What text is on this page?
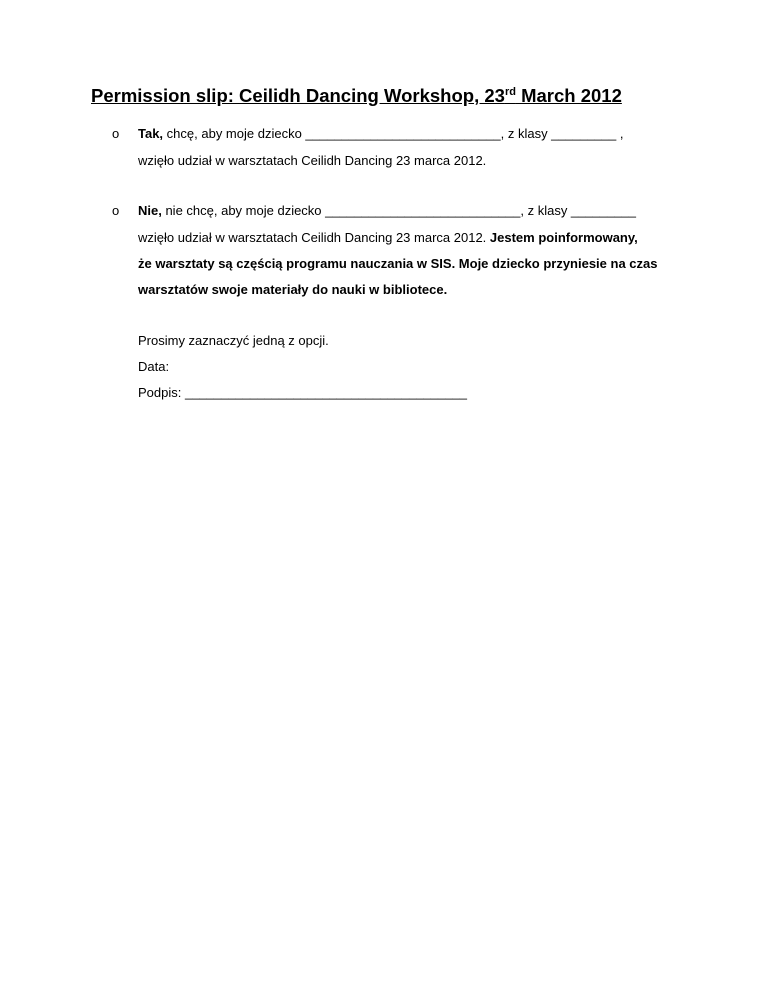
Permission slip: Ceilidh Dancing Workshop, 23rd March 2012
o Tak, chcę, aby moje dziecko ___________________________, z klasy _________ ,
wzięło udział w warsztatach Ceilidh Dancing 23 marca 2012.
o Nie, nie chcę, aby moje dziecko ___________________________, z klasy _________
wzięło udział w warsztatach Ceilidh Dancing 23 marca 2012. Jestem poinformowany,
że warsztaty są częścią programu nauczania w SIS. Moje dziecko przyniesie na czas
warsztatów swoje materiały do nauki w bibliotece.
Prosimy zaznaczyć jedną z opcji.
Data:
Podpis: _______________________________________
